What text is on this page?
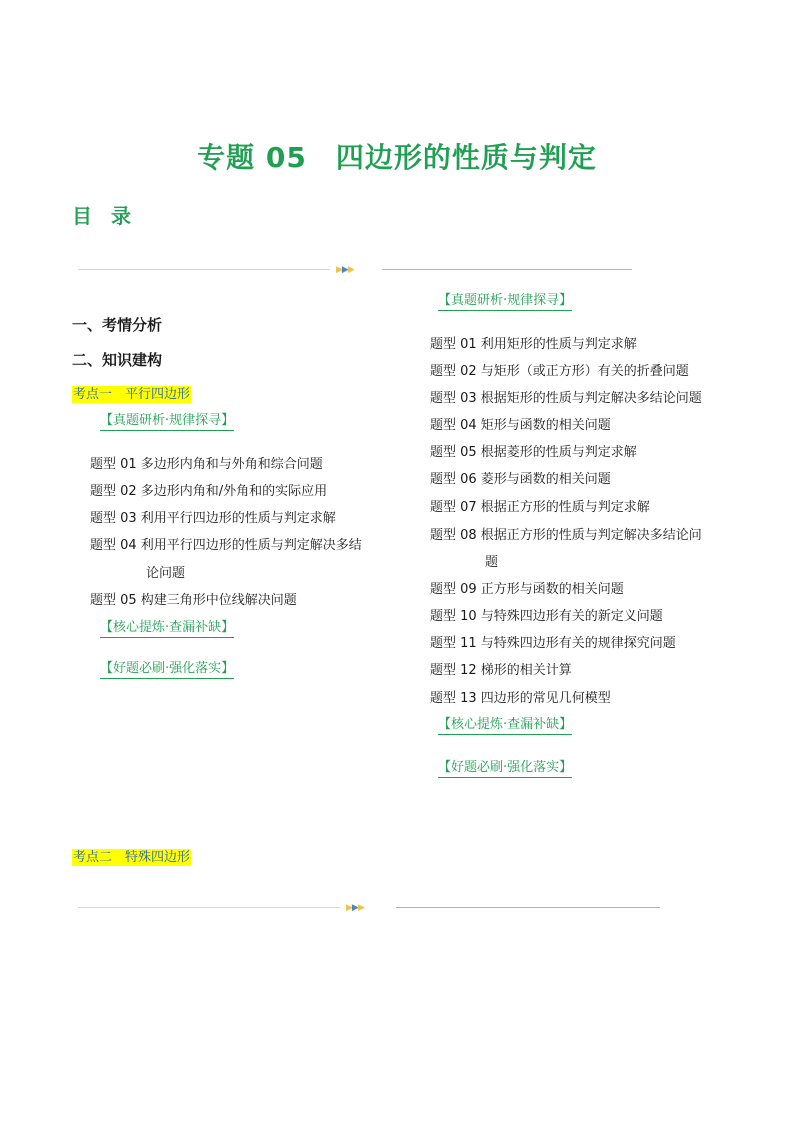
专题 05　四边形的性质与判定
目 录
▶▶▶
一、考情分析
二、知识建构
考点一　平行四边形
【真题研析·规律探寻】
题型 01 多边形内角和与外角和综合问题
题型 02 多边形内角和/外角和的实际应用
题型 03 利用平行四边形的性质与判定求解
题型 04 利用平行四边形的性质与判定解决多结
论问题
题型 05 构建三角形中位线解决问题
【核心提炼·查漏补缺】
【好题必刷·强化落实】
【真题研析·规律探寻】
题型 01 利用矩形的性质与判定求解
题型 02 与矩形（或正方形）有关的折叠问题
题型 03 根据矩形的性质与判定解决多结论问题
题型 04 矩形与函数的相关问题
题型 05 根据菱形的性质与判定求解
题型 06 菱形与函数的相关问题
题型 07 根据正方形的性质与判定求解
题型 08 根据正方形的性质与判定解决多结论问
题
题型 09 正方形与函数的相关问题
题型 10 与特殊四边形有关的新定义问题
题型 11 与特殊四边形有关的规律探究问题
题型 12 梯形的相关计算
题型 13 四边形的常见几何模型
【核心提炼·查漏补缺】
【好题必刷·强化落实】
考点二　特殊四边形
▶▶▶
